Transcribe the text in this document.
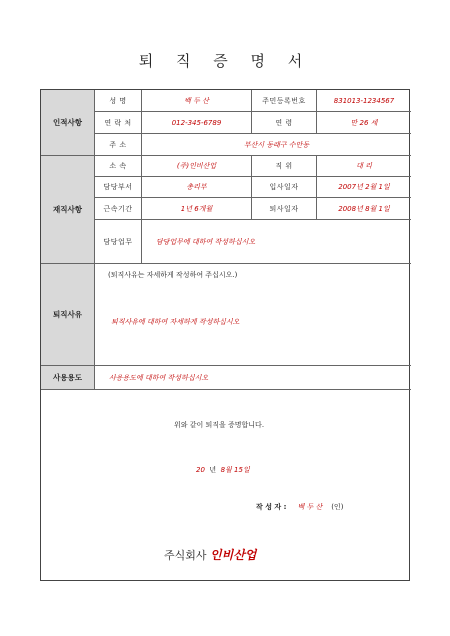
퇴 직 증 명 서
인적사항
성 명	백 두 산	주민등록번호	831013-1234567
연 락 처	012-345-6789	연 령	만 26 세
주 소	부산시 동래구 수안동
재직사항
소 속	(주)인비산업	직 위	대 리
담당부서	총리부	입사일자	2007년 2월 1일
근속기간	1년 6개월	퇴사일자	2008년 8월 1일
담당업무	담당업무에 대하여 작성하십시오
퇴직사유
(퇴직사유는 자세하게 작성하여 주십시오.)
퇴직사유에 대하여 자세하게 작성하십시오
사용용도	사용용도에 대하여 작성하십시오
위와 같이 퇴직을 증명합니다.
20 년 8월 15일
작 성 자 : 백 두 산 (인)
주식회사 인비산업
